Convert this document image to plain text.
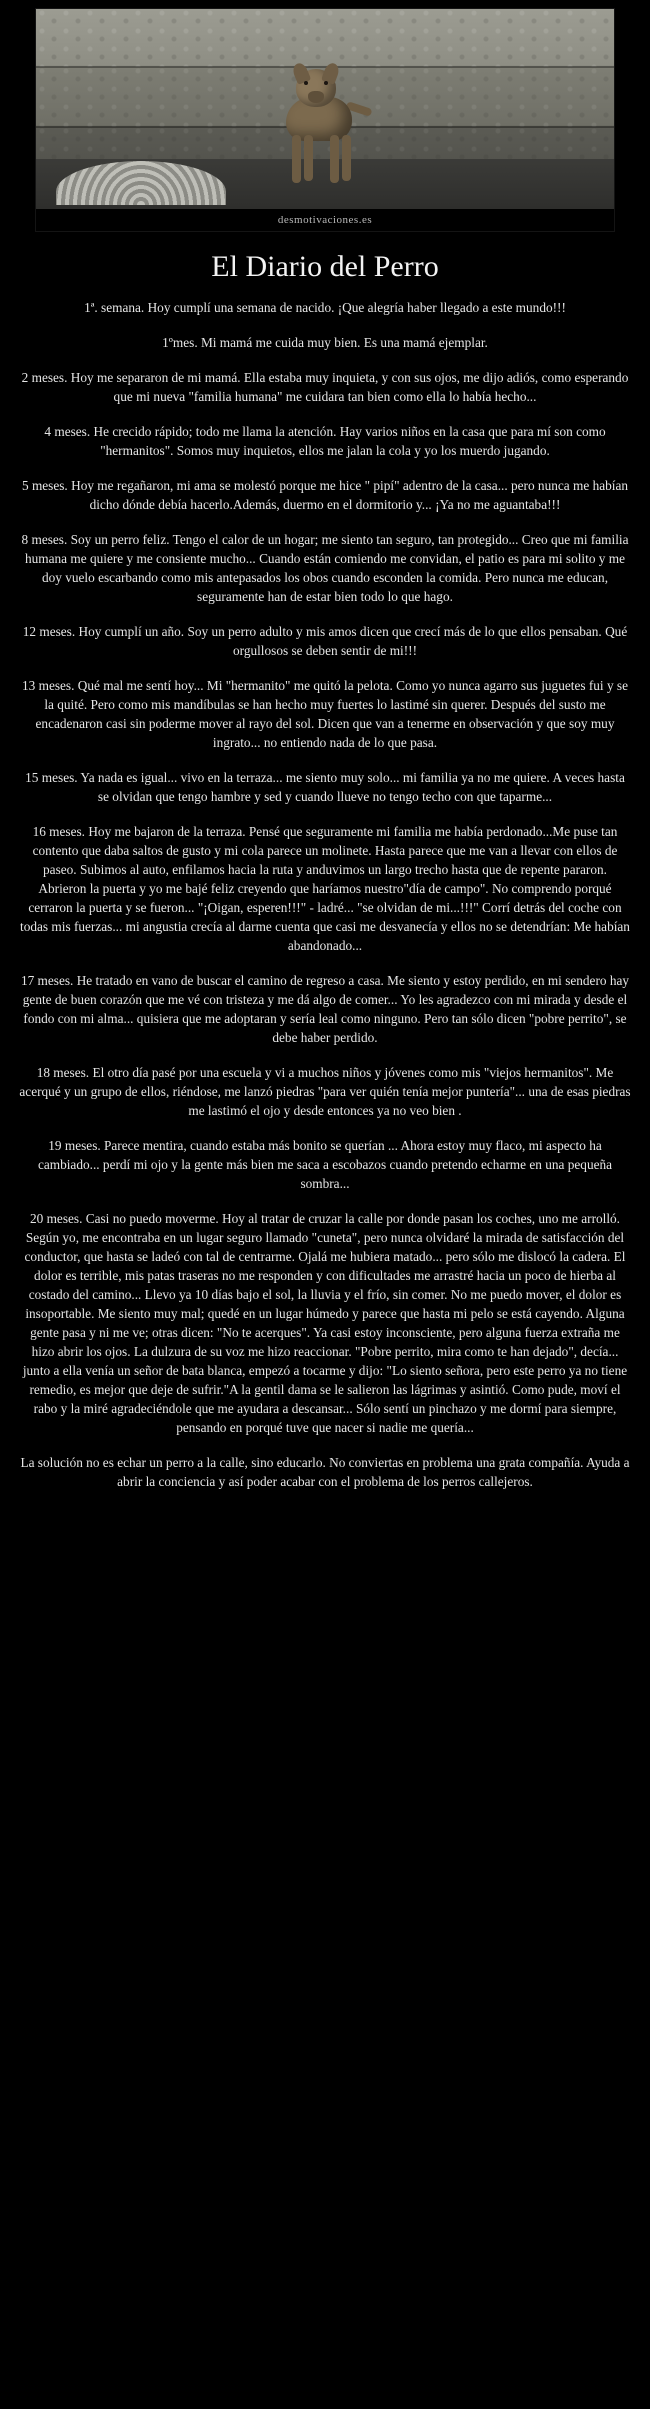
desmotivaciones.es
El Diario del Perro

1ª. semana. Hoy cumplí una semana de nacido. ¡Que alegría haber llegado a este mundo!!!

1ºmes. Mi mamá me cuida muy bien. Es una mamá ejemplar.

2 meses. Hoy me separaron de mi mamá. Ella estaba muy inquieta, y con sus ojos, me dijo adiós, como esperando que mi nueva "familia humana" me cuidara tan bien como ella lo había hecho...

4 meses. He crecido rápido; todo me llama la atención. Hay varios niños en la casa que para mí son como "hermanitos". Somos muy inquietos, ellos me jalan la cola y yo los muerdo jugando.

5 meses. Hoy me regañaron, mi ama se molestó porque me hice " pipí" adentro de la casa... pero nunca me habían dicho dónde debía hacerlo.Además, duermo en el dormitorio y... ¡Ya no me aguantaba!!!

8 meses. Soy un perro feliz. Tengo el calor de un hogar; me siento tan seguro, tan protegido... Creo que mi familia humana me quiere y me consiente mucho... Cuando están comiendo me convidan, el patio es para mi solito y me doy vuelo escarbando como mis antepasados los obos cuando esconden la comida. Pero nunca me educan, seguramente han de estar bien todo lo que hago.

12 meses. Hoy cumplí un año. Soy un perro adulto y mis amos dicen que crecí más de lo que ellos pensaban. Qué orgullosos se deben sentir de mi!!!

13 meses. Qué mal me sentí hoy... Mi "hermanito" me quitó la pelota. Como yo nunca agarro sus juguetes fui y se la quité. Pero como mis mandíbulas se han hecho muy fuertes lo lastimé sin querer. Después del susto me encadenaron casi sin poderme mover al rayo del sol. Dicen que van a tenerme en observación y que soy muy ingrato... no entiendo nada de lo que pasa.

15 meses. Ya nada es igual... vivo en la terraza... me siento muy solo... mi familia ya no me quiere. A veces hasta se olvidan que tengo hambre y sed y cuando llueve no tengo techo con que taparme...

16 meses. Hoy me bajaron de la terraza. Pensé que seguramente mi familia me había perdonado...Me puse tan contento que daba saltos de gusto y mi cola parece un molinete. Hasta parece que me van a llevar con ellos de paseo. Subimos al auto, enfilamos hacia la ruta y anduvimos un largo trecho hasta que de repente pararon. Abrieron la puerta y yo me bajé feliz creyendo que haríamos nuestro"día de campo". No comprendo porqué cerraron la puerta y se fueron... "¡Oigan, esperen!!!" - ladré... "se olvidan de mi...!!!" Corrí detrás del coche con todas mis fuerzas... mi angustia crecía al darme cuenta que casi me desvanecía y ellos no se detendrían: Me habían abandonado...

17 meses. He tratado en vano de buscar el camino de regreso a casa. Me siento y estoy perdido, en mi sendero hay gente de buen corazón que me vé con tristeza y me dá algo de comer... Yo les agradezco con mi mirada y desde el fondo con mi alma... quisiera que me adoptaran y sería leal como ninguno. Pero tan sólo dicen "pobre perrito", se debe haber perdido.

18 meses. El otro día pasé por una escuela y vi a muchos niños y jóvenes como mis "viejos hermanitos". Me acerqué y un grupo de ellos, riéndose, me lanzó piedras "para ver quién tenía mejor puntería"... una de esas piedras me lastimó el ojo y desde entonces ya no veo bien .

19 meses. Parece mentira, cuando estaba más bonito se querían ... Ahora estoy muy flaco, mi aspecto ha cambiado... perdí mi ojo y la gente más bien me saca a escobazos cuando pretendo echarme en una pequeña sombra...

20 meses. Casi no puedo moverme. Hoy al tratar de cruzar la calle por donde pasan los coches, uno me arrolló. Según yo, me encontraba en un lugar seguro llamado "cuneta", pero nunca olvidaré la mirada de satisfacción del conductor, que hasta se ladeó con tal de centrarme. Ojalá me hubiera matado... pero sólo me dislocó la cadera. El dolor es terrible, mis patas traseras no me responden y con dificultades me arrastré hacia un poco de hierba al costado del camino... Llevo ya 10 días bajo el sol, la lluvia y el frío, sin comer. No me puedo mover, el dolor es insoportable. Me siento muy mal; quedé en un lugar húmedo y parece que hasta mi pelo se está cayendo. Alguna gente pasa y ni me ve; otras dicen: "No te acerques". Ya casi estoy inconsciente, pero alguna fuerza extraña me hizo abrir los ojos. La dulzura de su voz me hizo reaccionar. "Pobre perrito, mira como te han dejado", decía... junto a ella venía un señor de bata blanca, empezó a tocarme y dijo: "Lo siento señora, pero este perro ya no tiene remedio, es mejor que deje de sufrir."A la gentil dama se le salieron las lágrimas y asintió. Como pude, moví el rabo y la miré agradeciéndole que me ayudara a descansar... Sólo sentí un pinchazo y me dormí para siempre, pensando en porqué tuve que nacer si nadie me quería...

La solución no es echar un perro a la calle, sino educarlo. No conviertas en problema una grata compañía. Ayuda a abrir la conciencia y así poder acabar con el problema de los perros callejeros.
